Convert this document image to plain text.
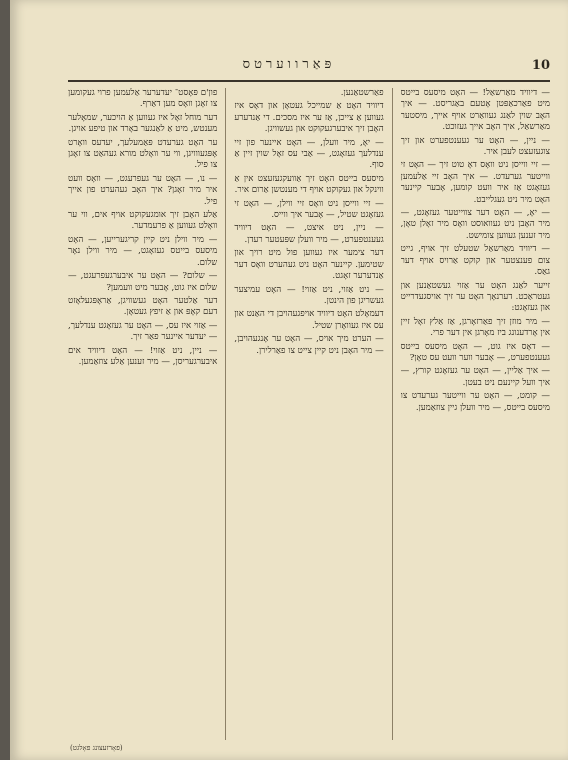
פּאַרווערטס	10

— דיוויד מאַרשאַל! — האָט מיסעס בייטס מיט פאַרכאַפּטן אָטעם באַגריסט. — איך האָב שוין לאַנג געוואַרט אויף אייך, מיסטער מאַרשאַל, איך האָב אייך געזוכט.

— ניין, — האָט ער געענטפערט און זיך צוגעזעצט לעבן איר.

— זיי ווייסן ניט וואָס דאָ טוט זיך — האָט זי ווייטער גערעדט. — איך האָב זיי אַלעמען געזאָגט אַז איר וועט קומען, אָבער קיינער האָט מיר ניט געגלייבט.

— יאָ, — האָט דער צווייטער געזאָגט, — מיר האָבן ניט געוואוסט וואָס מיר זאָלן טאָן, מיר זענען געווען צומישט.

— דיוויד מאַרשאַל שטעלט זיך אויף, גייט צום פענצטער און קוקט אַרויס אויף דער גאַס.

זייער לאַנג האָט ער אַזוי געשטאַנען און געטראַכט. דערנאָך האָט ער זיך אויסגעדרייט און געזאָגט:

— מיר מוזן זיך פאַרזאָרגן, אַז אַלץ זאָל זיין אין אָרדענונג ביז מאָרגן אין דער פרי.

— דאָס איז גוט, — האָט מיסעס בייטס געענטפערט, — אָבער ווער וועט עס טאָן?

— איך אַליין, — האָט ער געזאָגט קורץ, — איך וועל קיינעם ניט בעטן.

— קומט, — האָט ער ווייטער גערעדט צו מיסעס בייטס, — מיר וועלן גיין צוזאַמען.

פאַרשטאַנען.

דיוויד האָט אַ שמייכל געטאָן און דאָס איז געווען אַ צייכן, אַז ער איז מסכים. די אַנדערע האָבן זיך איבערגעקוקט און געשוויגן.

— יאָ, מיר וועלן, — האָט איינער פון זיי ענדלעך געזאָגט, — אַבי עס זאָל שוין זיין אַ סוף.

מיסעס בייטס האָט זיך אַוועקגעזעצט אין אַ ווינקל און געקוקט אויף די מענטשן אַרום איר.

— זיי ווייסן ניט וואָס זיי ווילן, — האָט זי געזאָגט שטיל, — אָבער איך ווייס.

— ניין, ניט איצט, — האָט דיוויד געענטפערט, — מיר וועלן שפּעטער רעדן.

דער צימער איז געווען פול מיט רויך און שטימען. קיינער האָט ניט געהערט וואָס דער אַנדערער זאָגט.

— ניט אַזוי, ניט אַזוי! — האָט עמיצער געשריגן פון הינטן.

דעמאָלט האָט דיוויד אויפגעהויבן די האַנט און עס איז געוואָרן שטיל.

— הערט מיך אויס, — האָט ער אָנגעהויבן, — מיר האָבן ניט קיין צייט צו פאַרלירן.

פון'ם פּאָסט־ יעדערער אַלעמען פרוי געקומען צו זאָגן וואָס מען דאַרף.

דער מוחל זאָל איז געווען אַ הויכער, שמאָלער מענטש, מיט אַ לאַנגער באָרד און טיפע אויגן.

ער האָט גערעדט פּאַמעלעך, יעדעס וואָרט אָפּגעווויגן, ווי ער וואָלט מורא געהאַט צו זאָגן צו פיל.

— נו, — האָט ער געפרעגט, — וואָס וועט איר מיר זאָגן? איך האָב געהערט פון אייך פיל.

אַלע האָבן זיך אומגעקוקט אויף אים, ווי ער וואָלט געווען אַ פרעמדער.

— מיר ווילן ניט קיין קריגערייען, — האָט מיסעס בייטס געזאָגט, — מיר ווילן נאָר שלום.

— שלום? — האָט ער איבערגעפרעגט, — שלום איז גוט, אָבער מיט וועמען?

דער אַלטער האָט געשוויגן, אַראָפּגעלאָזט דעם קאָפּ און אַ זיפץ געטאָן.

— אַזוי איז עס, — האָט ער געזאָגט ענדלעך, — יעדער איינער פאַר זיך.

— ניין, ניט אַזוי! — האָט דיוויד אים איבערגעריסן, — מיר זענען אַלע צוזאַמען.

(פאָרזעצונג פאָלגט)
